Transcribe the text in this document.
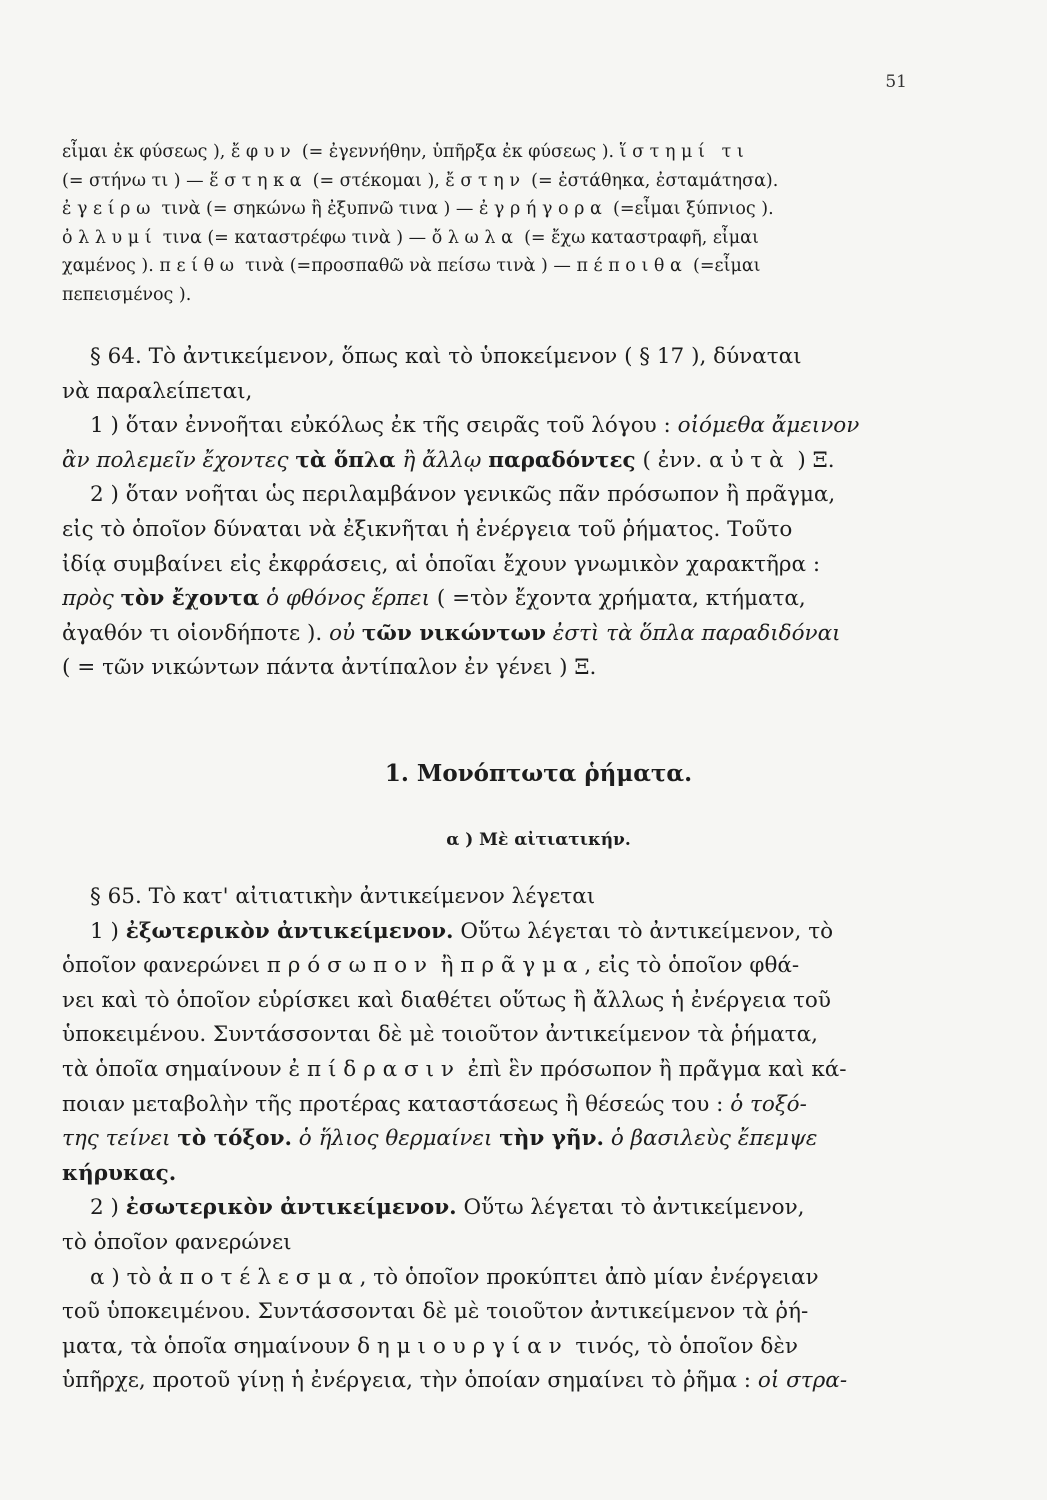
51
εἶμαι ἐκ φύσεως ), ἔφυν (= ἐγεννήθην, ὑπῆρξα ἐκ φύσεως ). ἵστημί τι
(= στήνω τι ) — ἕστηκα (= στέκομαι ), ἔστην (= ἐστάθηκα, ἐσταμάτησα).
ἐγείρω τινὰ (= σηκώνω ἢ ἐξυπνῶ τινα ) — ἐγρήγορα (=εἶμαι ξύπνιος ).
ὀλλυμί τινα (= καταστρέφω τινὰ ) — ὄλωλα (= ἔχω καταστραφῆ, εἶμαι
χαμένος ). πείθω τινὰ (=προσπαθῶ νὰ πείσω τινὰ ) — πέποιθα (=εἶμαι
πεπεισμένος ).
§ 64. Τὸ ἀντικείμενον, ὅπως καὶ τὸ ὑποκείμενον ( § 17 ), δύναται
νὰ παραλείπεται,
1 ) ὅταν ἐννοῆται εὐκόλως ἐκ τῆς σειρᾶς τοῦ λόγου : οἰόμεθα ἄμεινον
ἂν πολεμεῖν ἔχοντες τὰ ὅπλα ἢ ἄλλῳ παραδόντες ( ἐνν. αὐτὰ ) Ξ.
2 ) ὅταν νοῆται ὡς περιλαμβάνον γενικῶς πᾶν πρόσωπον ἢ πρᾶγμα,
εἰς τὸ ὁποῖον δύναται νὰ ἐξικνῆται ἡ ἐνέργεια τοῦ ῥήματος. Τοῦτο
ἰδίᾳ συμβαίνει εἰς ἐκφράσεις, αἱ ὁποῖαι ἔχουν γνωμικὸν χαρακτῆρα :
πρὸς τὸν ἔχοντα ὁ φθόνος ἕρπει ( =τὸν ἔχοντα χρήματα, κτήματα,
ἀγαθόν τι οἱονδήποτε ). οὐ τῶν νικώντων ἐστὶ τὰ ὅπλα παραδιδόναι
( = τῶν νικώντων πάντα ἀντίπαλον ἐν γένει ) Ξ.
1. Μονόπτωτα ῥήματα.
α ) Μὲ αἰτιατικήν.
§ 65. Τὸ κατ' αἰτιατικὴν ἀντικείμενον λέγεται
1 ) ἐξωτερικὸν ἀντικείμενον. Οὕτω λέγεται τὸ ἀντικείμενον, τὸ
ὁποῖον φανερώνει πρόσωπον ἢ πρᾶγμα, εἰς τὸ ὁποῖον φθά-
νει καὶ τὸ ὁποῖον εὑρίσκει καὶ διαθέτει οὕτως ἢ ἄλλως ἡ ἐνέργεια τοῦ
ὑποκειμένου. Συντάσσονται δὲ μὲ τοιοῦτον ἀντικείμενον τὰ ῥήματα,
τὰ ὁποῖα σημαίνουν ἐπίδρασιν ἐπὶ ἓν πρόσωπον ἢ πρᾶγμα καὶ κά-
ποιαν μεταβολὴν τῆς προτέρας καταστάσεως ἢ θέσεώς του : ὁ τοξό-
της τείνει τὸ τόξον. ὁ ἥλιος θερμαίνει τὴν γῆν. ὁ βασιλεὺς ἔπεμψε
κήρυκας.
2 ) ἐσωτερικὸν ἀντικείμενον. Οὕτω λέγεται τὸ ἀντικείμενον,
τὸ ὁποῖον φανερώνει
α ) τὸ ἀποτέλεσμα, τὸ ὁποῖον προκύπτει ἀπὸ μίαν ἐνέργειαν
τοῦ ὑποκειμένου. Συντάσσονται δὲ μὲ τοιοῦτον ἀντικείμενον τὰ ῥή-
ματα, τὰ ὁποῖα σημαίνουν δημιουργίαν τινός, τὸ ὁποῖον δὲν
ὑπῆρχε, προτοῦ γίνῃ ἡ ἐνέργεια, τὴν ὁποίαν σημαίνει τὸ ῥῆμα : οἱ στρα-
